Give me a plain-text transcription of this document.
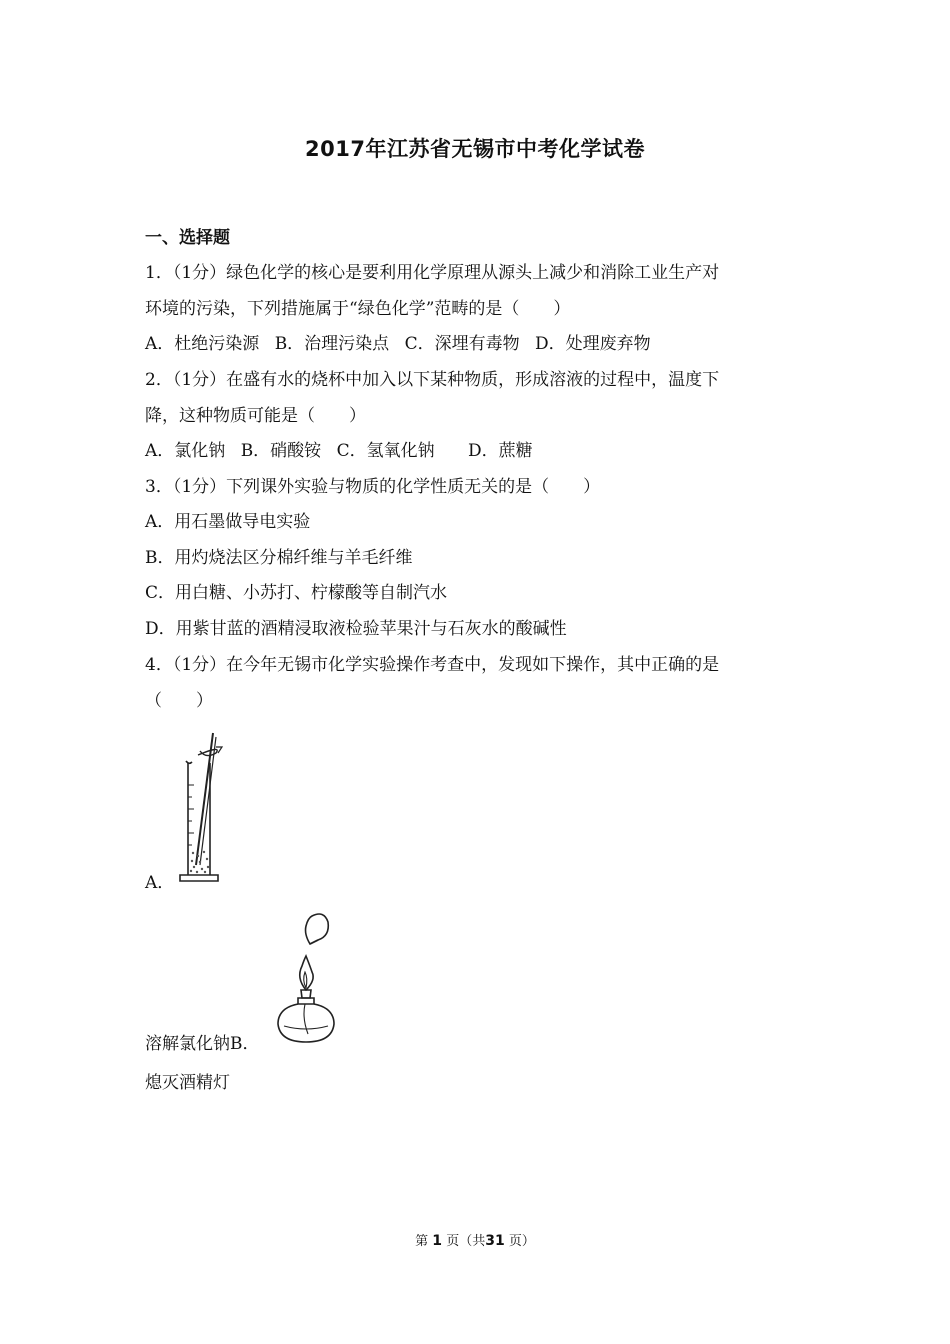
2017年江苏省无锡市中考化学试卷
一、选择题
1．（1分）绿色化学的核心是要利用化学原理从源头上减少和消除工业生产对
环境的污染，下列措施属于“绿色化学”范畴的是（　　）
A．杜绝污染源 B．治理污染点 C．深埋有毒物 D．处理废弃物
2．（1分）在盛有水的烧杯中加入以下某种物质，形成溶液的过程中，温度下
降，这种物质可能是（　　）
A．氯化钠 B．硝酸铵 C．氢氧化钠 D．蔗糖
3．（1分）下列课外实验与物质的化学性质无关的是（　　）
A．用石墨做导电实验
B．用灼烧法区分棉纤维与羊毛纤维
C．用白糖、小苏打、柠檬酸等自制汽水
D．用紫甘蓝的酒精浸取液检验苹果汁与石灰水的酸碱性
4．（1分）在今年无锡市化学实验操作考查中，发现如下操作，其中正确的是
（　　）
A．
溶解氯化钠B．
熄灭酒精灯
第 1 页（共31 页）
